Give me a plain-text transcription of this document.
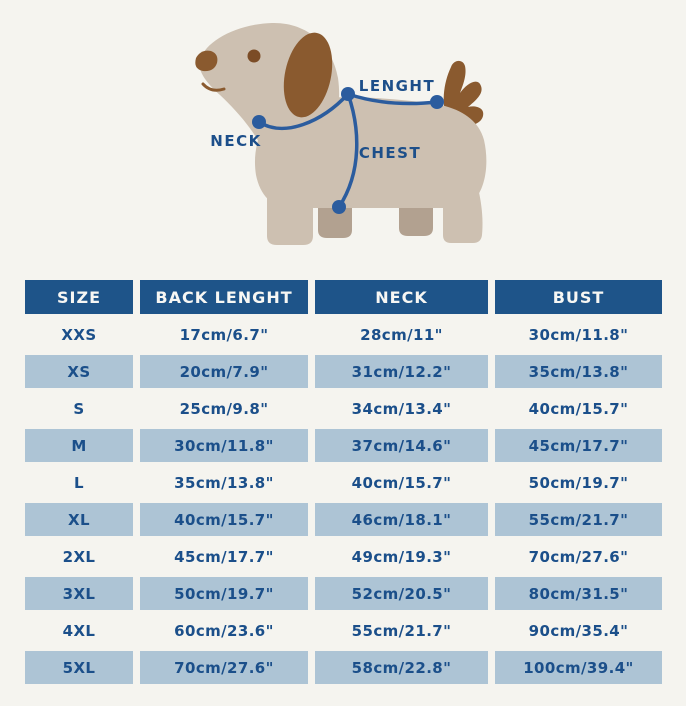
LENGHT
NECK
CHEST
SIZE	BACK LENGHT	NECK	BUST
XXS	17cm/6.7"	28cm/11"	30cm/11.8"
XS	20cm/7.9"	31cm/12.2"	35cm/13.8"
S	25cm/9.8"	34cm/13.4"	40cm/15.7"
M	30cm/11.8"	37cm/14.6"	45cm/17.7"
L	35cm/13.8"	40cm/15.7"	50cm/19.7"
XL	40cm/15.7"	46cm/18.1"	55cm/21.7"
2XL	45cm/17.7"	49cm/19.3"	70cm/27.6"
3XL	50cm/19.7"	52cm/20.5"	80cm/31.5"
4XL	60cm/23.6"	55cm/21.7"	90cm/35.4"
5XL	70cm/27.6"	58cm/22.8"	100cm/39.4"
